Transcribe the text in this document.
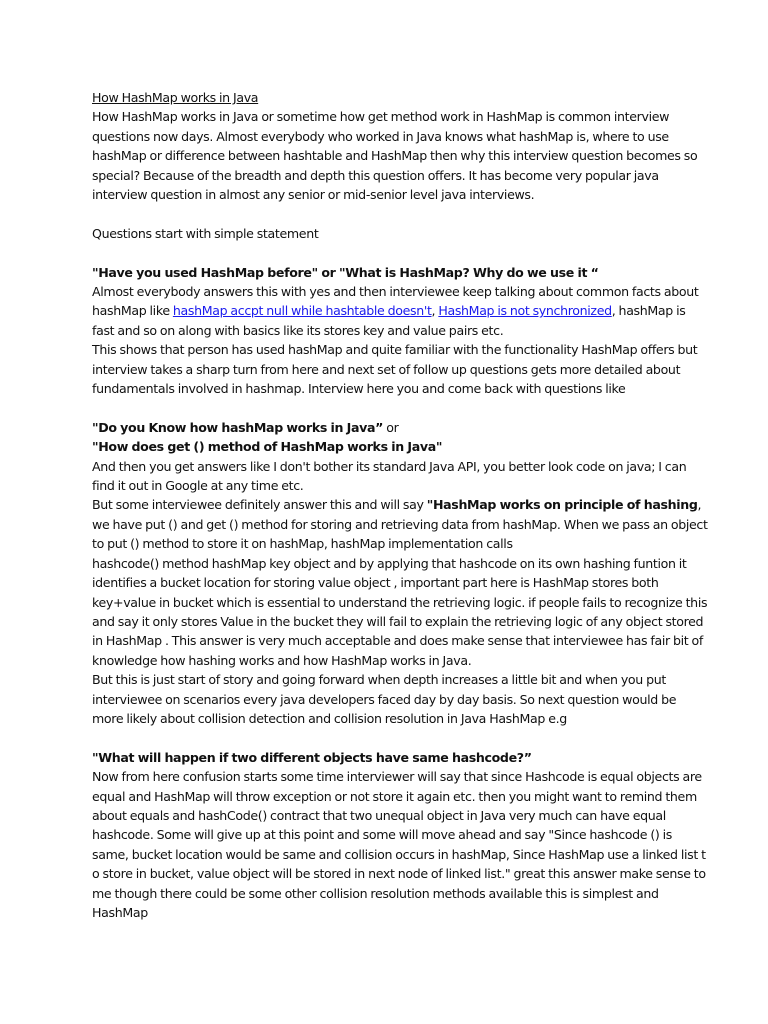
How HashMap works in Java

How HashMap works in Java or sometime how get method work in HashMap is common interview questions now days. Almost everybody who worked in Java knows what hashMap is, where to use hashMap or difference between hashtable and HashMap then why this interview question becomes so special? Because of the breadth and depth this question offers. It has become very popular java interview question in almost any senior or mid-senior level java interviews.

Questions start with simple statement

"Have you used HashMap before" or "What is HashMap? Why do we use it “

Almost everybody answers this with yes and then interviewee keep talking about common facts about hashMap like hashMap accpt null while hashtable doesn't, HashMap is not synchronized, hashMap is fast and so on along with basics like its stores key and value pairs etc.

This shows that person has used hashMap and quite familiar with the functionality HashMap offers but interview takes a sharp turn from here and next set of follow up questions gets more detailed about fundamentals involved in hashmap. Interview here you and come back with questions like

"Do you Know how hashMap works in Java” or

"How does get () method of HashMap works in Java"

And then you get answers like I don't bother its standard Java API, you better look code on java; I can find it out in Google at any time etc.

But some interviewee definitely answer this and will say "HashMap works on principle of hashing, we have put () and get () method for storing and retrieving data from hashMap. When we pass an object to put () method to store it on hashMap, hashMap implementation calls

hashcode() method hashMap key object and by applying that hashcode on its own hashing funtion it identifies a bucket location for storing value object , important part here is HashMap stores both key+value in bucket which is essential to understand the retrieving logic. if people fails to recognize this and say it only stores Value in the bucket they will fail to explain the retrieving logic of any object stored in HashMap . This answer is very much acceptable and does make sense that interviewee has fair bit of knowledge how hashing works and how HashMap works in Java.

But this is just start of story and going forward when depth increases a little bit and when you put interviewee on scenarios every java developers faced day by day basis. So next question would be more likely about collision detection and collision resolution in Java HashMap e.g

"What will happen if two different objects have same hashcode?”

Now from here confusion starts some time interviewer will say that since Hashcode is equal objects are equal and HashMap will throw exception or not store it again etc. then you might want to remind them about equals and hashCode() contract that two unequal object in Java very much can have equal hashcode. Some will give up at this point and some will move ahead and say "Since hashcode () is same, bucket location would be same and collision occurs in hashMap, Since HashMap use a linked list t o store in bucket, value object will be stored in next node of linked list." great this answer make sense to me though there could be some other collision resolution methods available this is simplest and HashMap
